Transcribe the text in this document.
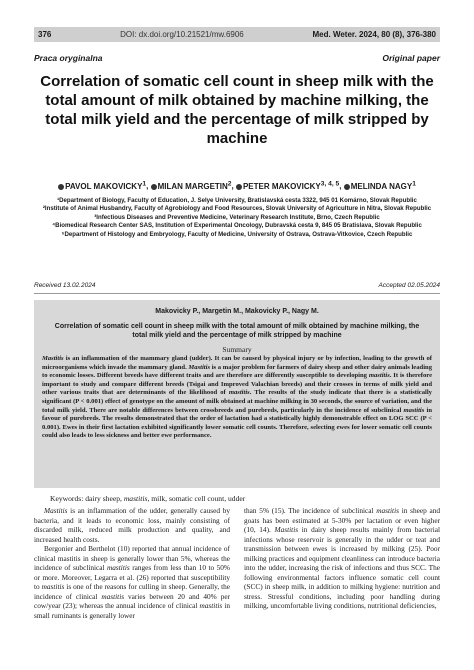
376	DOI: dx.doi.org/10.21521/mw.6906	Med. Weter. 2024, 80 (8), 376-380
Praca oryginalna	Original paper
Correlation of somatic cell count in sheep milk with the total amount of milk obtained by machine milking, the total milk yield and the percentage of milk stripped by machine
PAVOL MAKOVICKY$^1$, MILAN MARGETIN$^2$, PETER MAKOVICKY$^{3, 4, 5}$, MELINDA NAGY$^1$
¹Department of Biology, Faculty of Education, J. Selye University, Bratislavská cesta 3322, 945 01 Komárno, Slovak Republic
²Institute of Animal Husbandry, Faculty of Agrobiology and Food Resources, Slovak University of Agriculture in Nitra, Slovak Republic
³Infectious Diseases and Preventive Medicine, Veterinary Research Institute, Brno, Czech Republic
⁴Biomedical Research Center SAS, Institution of Experimental Oncology, Dubravská cesta 9, 845 05 Bratislava, Slovak Republic
⁵Department of Histology and Embryology, Faculty of Medicine, University of Ostrava, Ostrava-Vitkovice, Czech Republic
Received 13.02.2024	Accepted 02.05.2024
Makovicky P., Margetin M., Makovicky P., Nagy M.
Correlation of somatic cell count in sheep milk with the total amount of milk obtained by machine milking, the total milk yield and the percentage of milk stripped by machine
Summary
Mastitis is an inflammation of the mammary gland (udder). It can be caused by physical injury or by infection, leading to the growth of microorganisms which invade the mammary gland. Mastitis is a major problem for farmers of dairy sheep and other dairy animals leading to economic losses. Different breeds have different traits and are therefore are differently susceptible to developing mastitis. It is therefore important to study and compare different breeds (Tsigai and Improved Valachian breeds) and their crosses in terms of milk yield and other various traits that are determinants of the likelihood of mastitis. The results of the study indicate that there is a statistically significant (P < 0.001) effect of genotype on the amount of milk obtained at machine milking in 30 seconds, the source of variation, and the total milk yield. There are notable differences between crossbreeds and purebreds, particularly in the incidence of subclinical mastitis in favour of purebreds. The results demonstrated that the order of lactation had a statistically highly demonstrable effect on LOG SCC (P < 0.001). Ewes in their first lactation exhibited significantly lower somatic cell counts. Therefore, selecting ewes for lower somatic cell counts could also leads to less sickness and better ewe performance.
Keywords: dairy sheep, mastitis, milk, somatic cell count, udder

Mastitis is an inflammation of the udder, generally caused by bacteria, and it leads to economic loss, mainly consisting of discarded milk, reduced milk production and quality, and increased health costs.

Bergonier and Berthelot (10) reported that annual incidence of clinical mastitis in sheep is generally lower than 5%, whereas the incidence of subclinical mastitis ranges from less than 10 to 50% or more. Moreover, Legarra et al. (26) reported that susceptibility to mastitis is one of the reasons for culling in sheep. Generally, the incidence of clinical mastitis varies between 20 and 40% per cow/year (23); whereas the annual incidence of clinical mastitis in small ruminants is generally lower

than 5% (15). The incidence of subclinical mastitis in sheep and goats has been estimated at 5-30% per lactation or even higher (10, 14). Mastitis in dairy sheep results mainly from bacterial infections whose reservoir is generally in the udder or teat and transmission between ewes is increased by milking (25). Poor milking practices and equipment cleanliness can introduce bacteria into the udder, increasing the risk of infections and thus SCC. The following environmental factors influence somatic cell count (SCC) in sheep milk, in addition to milking hygiene: nutrition and stress. Stressful conditions, including poor handling during milking, uncomfortable living conditions, nutritional deficiencies,
